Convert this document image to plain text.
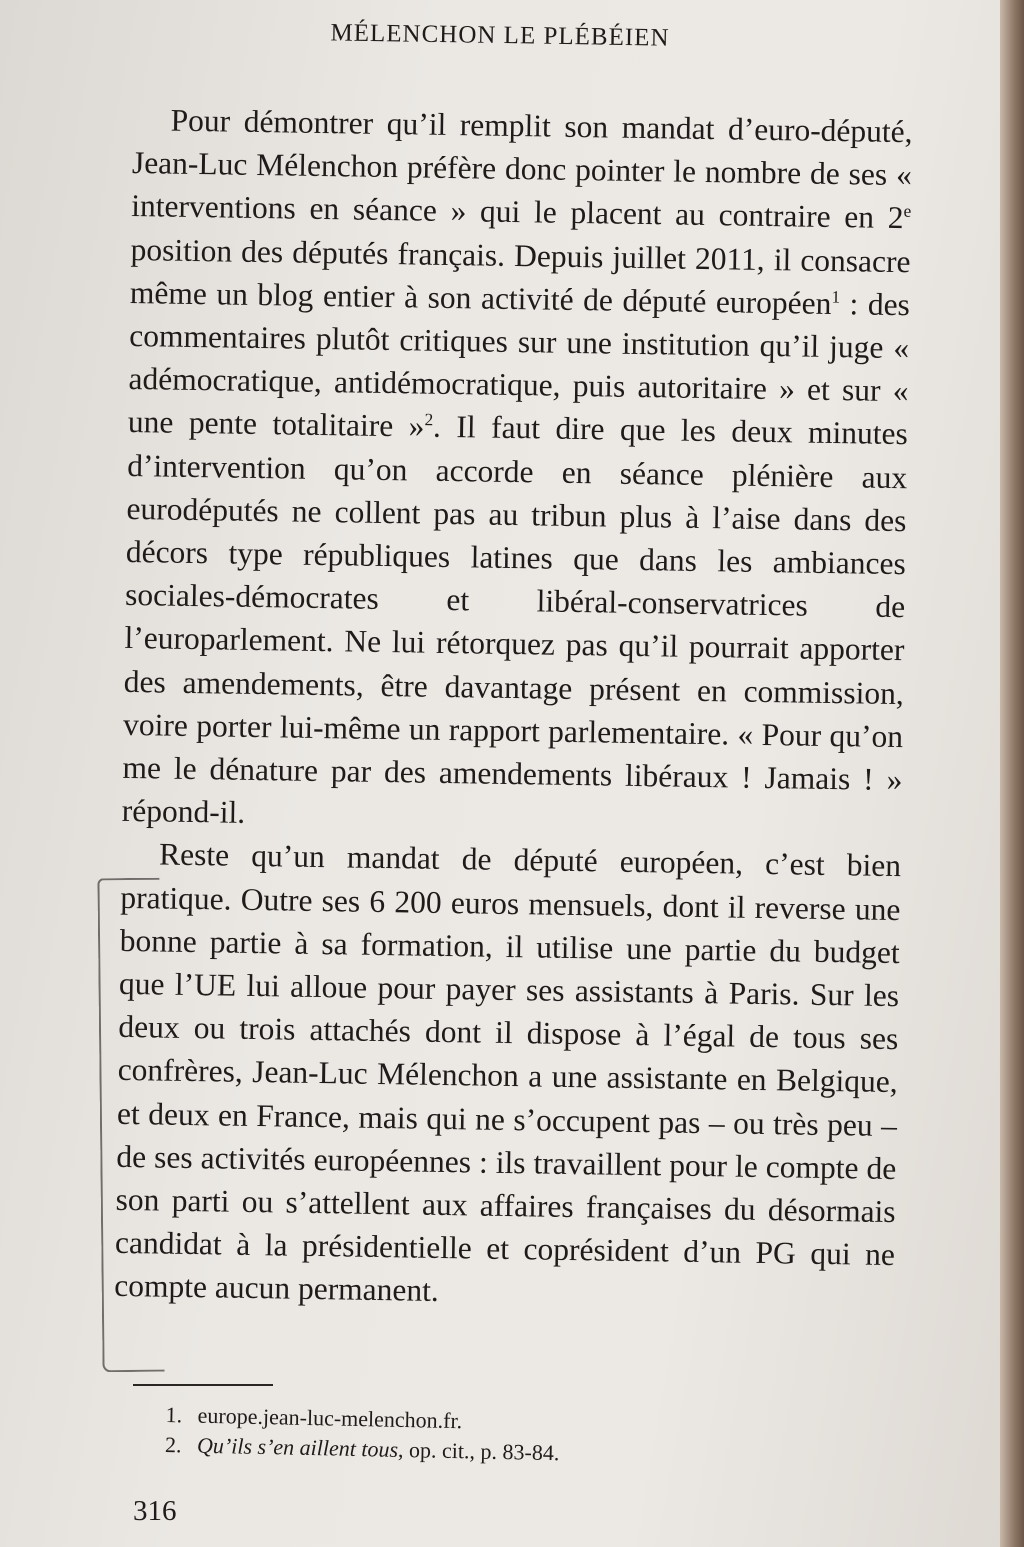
MÉLENCHON LE PLÉBÉIEN

Pour démontrer qu’il remplit son mandat d’euro-député, Jean-Luc Mélenchon préfère donc pointer le nombre de ses « interventions en séance » qui le placent au contraire en 2e position des députés français. Depuis juillet 2011, il consacre même un blog entier à son activité de député européen$^1$ : des commentaires plutôt critiques sur une institution qu’il juge « adémocratique, antidémocratique, puis autoritaire » et sur « une pente totalitaire »$^2$. Il faut dire que les deux minutes d’intervention qu’on accorde en séance plénière aux eurodéputés ne collent pas au tribun plus à l’aise dans des décors type républiques latines que dans les ambiances sociales-démocrates et libéral-conservatrices de l’europarlement. Ne lui rétorquez pas qu’il pourrait apporter des amendements, être davantage présent en commission, voire porter lui-même un rapport parlementaire. « Pour qu’on me le dénature par des amendements libéraux ! Jamais ! » répond-il.

Reste qu’un mandat de député européen, c’est bien pratique. Outre ses 6 200 euros mensuels, dont il reverse une bonne partie à sa formation, il utilise une partie du budget que l’UE lui alloue pour payer ses assistants à Paris. Sur les deux ou trois attachés dont il dispose à l’égal de tous ses confrères, Jean-Luc Mélenchon a une assistante en Belgique, et deux en France, mais qui ne s’occupent pas – ou très peu – de ses activités européennes : ils travaillent pour le compte de son parti ou s’attellent aux affaires françaises du désormais candidat à la présidentielle et coprésident d’un PG qui ne compte aucun permanent.

1. europe.jean-luc-melenchon.fr.
2. Qu’ils s’en aillent tous, op. cit., p. 83-84.
316
